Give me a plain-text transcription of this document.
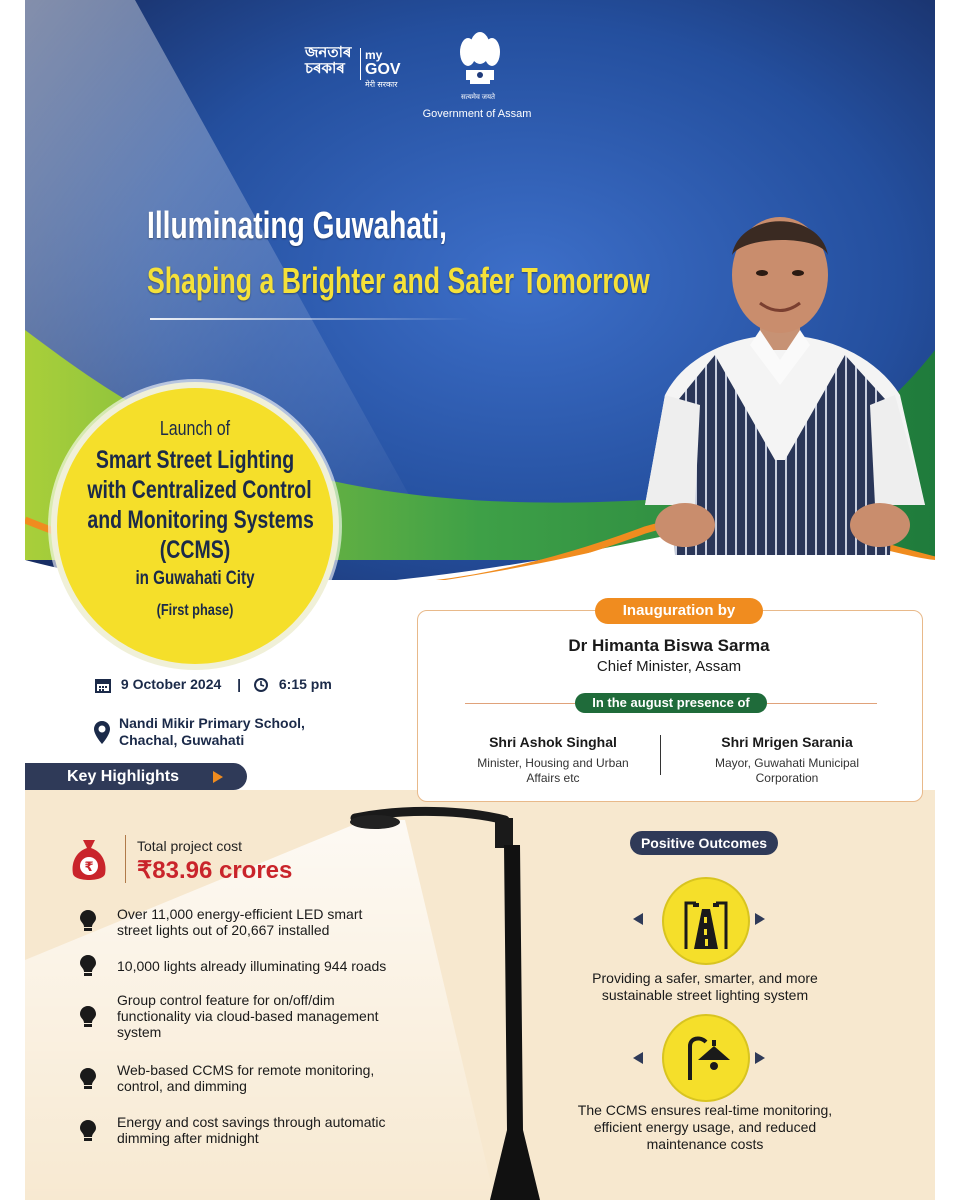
জনতাৰ
চৰকাৰ
my
GOV
मेरी सरकार
सत्यमेव जयते
Government of Assam
Illuminating Guwahati,
Shaping a Brighter and Safer Tomorrow
Launch of
Smart Street Lighting
with Centralized Control
and Monitoring Systems
(CCMS)
in Guwahati City
(First phase)
9 October 2024 |	6:15 pm
Nandi Mikir Primary School,
Chachal, Guwahati
Inauguration by
Dr Himanta Biswa Sarma
Chief Minister, Assam
In the august presence of
Shri Ashok Singhal
Minister, Housing and Urban
Affairs etc
Shri Mrigen Sarania
Mayor, Guwahati Municipal
Corporation
Key Highlights
₹
Total project cost
₹83.96 crores
Over 11,000 energy-efficient LED smart
street lights out of 20,667 installed
10,000 lights already illuminating 944 roads
Group control feature for on/off/dim
functionality via cloud-based management
system
Web-based CCMS for remote monitoring,
control, and dimming
Energy and cost savings through automatic
dimming after midnight
Positive Outcomes
Providing a safer, smarter, and more
sustainable street lighting system
The CCMS ensures real-time monitoring,
efficient energy usage, and reduced
maintenance costs
